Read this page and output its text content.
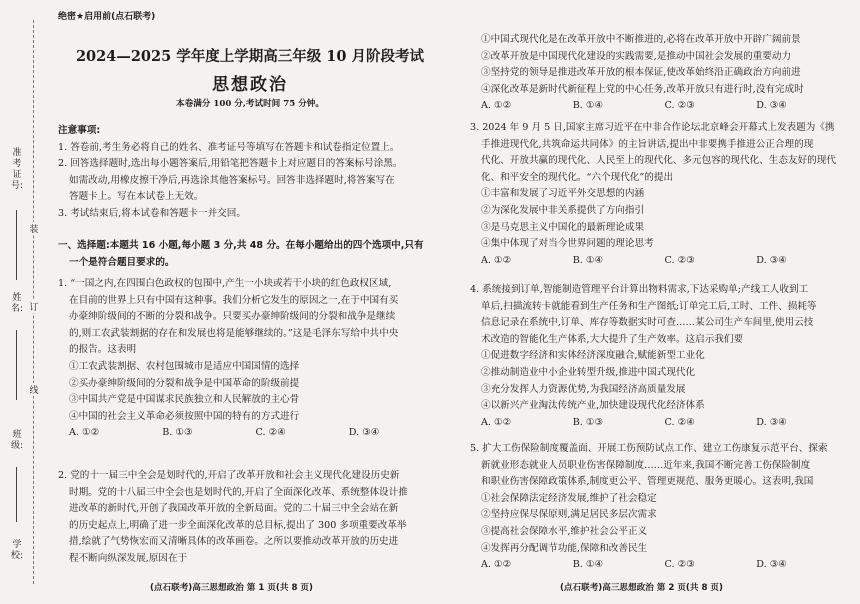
准考证号:
姓名:
班级:
学校:
装
订
线
绝密★启用前(点石联考)
2024—2025 学年度上学期高三年级 10 月阶段考试
思想政治
本卷满分 100 分,考试时间 75 分钟。

注意事项:

1. 答卷前,考生务必将自己的姓名、准考证号等填写在答题卡和试卷指定位置上。

2. 回答选择题时,选出每小题答案后,用铅笔把答题卡上对应题目的答案标号涂黑。

如需改动,用橡皮擦干净后,再选涂其他答案标号。回答非选择题时,将答案写在

答题卡上。写在本试卷上无效。

3. 考试结束后,将本试卷和答题卡一并交回。

一、选择题:本题共 16 小题,每小题 3 分,共 48 分。在每小题给出的四个选项中,只有

一个是符合题目要求的。

1. “一国之内,在四围白色政权的包围中,产生一小块或若干小块的红色政权区域,

在目前的世界上只有中国有这种事。我们分析它发生的原因之一,在于中国有买

办豪绅阶级间的不断的分裂和战争。只要买办豪绅阶级间的分裂和战争是继续

的,则工农武装割据的存在和发展也将是能够继续的。”这是毛泽东写给中共中央

的报告。这表明

①工农武装割据、农村包围城市是适应中国国情的选择

②买办豪绅阶级间的分裂和战争是中国革命的阶级前提

③中国共产党是中国谋求民族独立和人民解放的主心骨

④中国的社会主义革命必须按照中国的特有的方式进行

A. ①②	B. ①③	C. ②④	D. ③④

2. 党的十一届三中全会是划时代的,开启了改革开放和社会主义现代化建设历史新

时期。党的十八届三中全会也是划时代的,开启了全面深化改革、系统整体设计推

进改革的新时代,开创了我国改革开放的全新局面。党的二十届三中全会站在新

的历史起点上,明确了进一步全面深化改革的总目标,提出了 300 多项重要改革举

措,绘就了气势恢宏而又清晰具体的改革画卷。之所以要推动改革开放的历史进

程不断向纵深发展,原因在于

(点石联考)高三思想政治 第 1 页(共 8 页)

①中国式现代化是在改革开放中不断推进的,必将在改革开放中开辟广阔前景

②改革开放是中国现代化建设的实践需要,是推动中国社会发展的重要动力

③坚持党的领导是推进改革开放的根本保证,使改革始终沿正确政治方向前进

④深化改革是新时代新征程上党的中心任务,改革开放只有进行时,没有完成时

A. ①②	B. ①④	C. ②③	D. ③④

3. 2024 年 9 月 5 日,国家主席习近平在中非合作论坛北京峰会开幕式上发表题为《携

手推进现代化,共筑命运共同体》的主旨讲话,提出中非要携手推进公正合理的现

代化、开放共赢的现代化、人民至上的现代化、多元包容的现代化、生态友好的现代

化、和平安全的现代化。“六个现代化”的提出

①丰富和发展了习近平外交思想的内涵

②为深化发展中非关系提供了方向指引

③是马克思主义中国化的最新理论成果

④集中体现了对当今世界问题的理论思考

A. ①②	B. ①④	C. ②③	D. ③④

4. 系统接到订单,智能制造管理平台计算出物料需求,下达采购单;产线工人收到工

单后,扫描流转卡就能看到生产任务和生产图纸;订单完工后,工时、工件、损耗等

信息记录在系统中,订单、库存等数据实时可查……某公司生产车间里,使用云技

术改造的智能化生产体系,大大提升了生产效率。这启示我们要

①促进数字经济和实体经济深度融合,赋能新型工业化

②推动制造业中小企业转型升级,推进中国式现代化

③充分发挥人力资源优势,为我国经济高质量发展

④以新兴产业淘汰传统产业,加快建设现代化经济体系

A. ①②	B. ①③	C. ②④	D. ③④

5. 扩大工伤保险制度覆盖面、开展工伤预防试点工作、建立工伤康复示范平台、探索

新就业形态就业人员职业伤害保障制度……近年来,我国不断完善工伤保险制度

和职业伤害保障政策体系,制度更公平、管理更规范、服务更暖心。这表明,我国

①社会保障法定经济发展,维护了社会稳定

②坚持应保尽保原则,满足居民多层次需求

③提高社会保障水平,维护社会公平正义

④发挥再分配调节功能,保障和改善民生

A. ①②	B. ①④	C. ②③	D. ③④
(点石联考)高三思想政治 第 2 页(共 8 页)
